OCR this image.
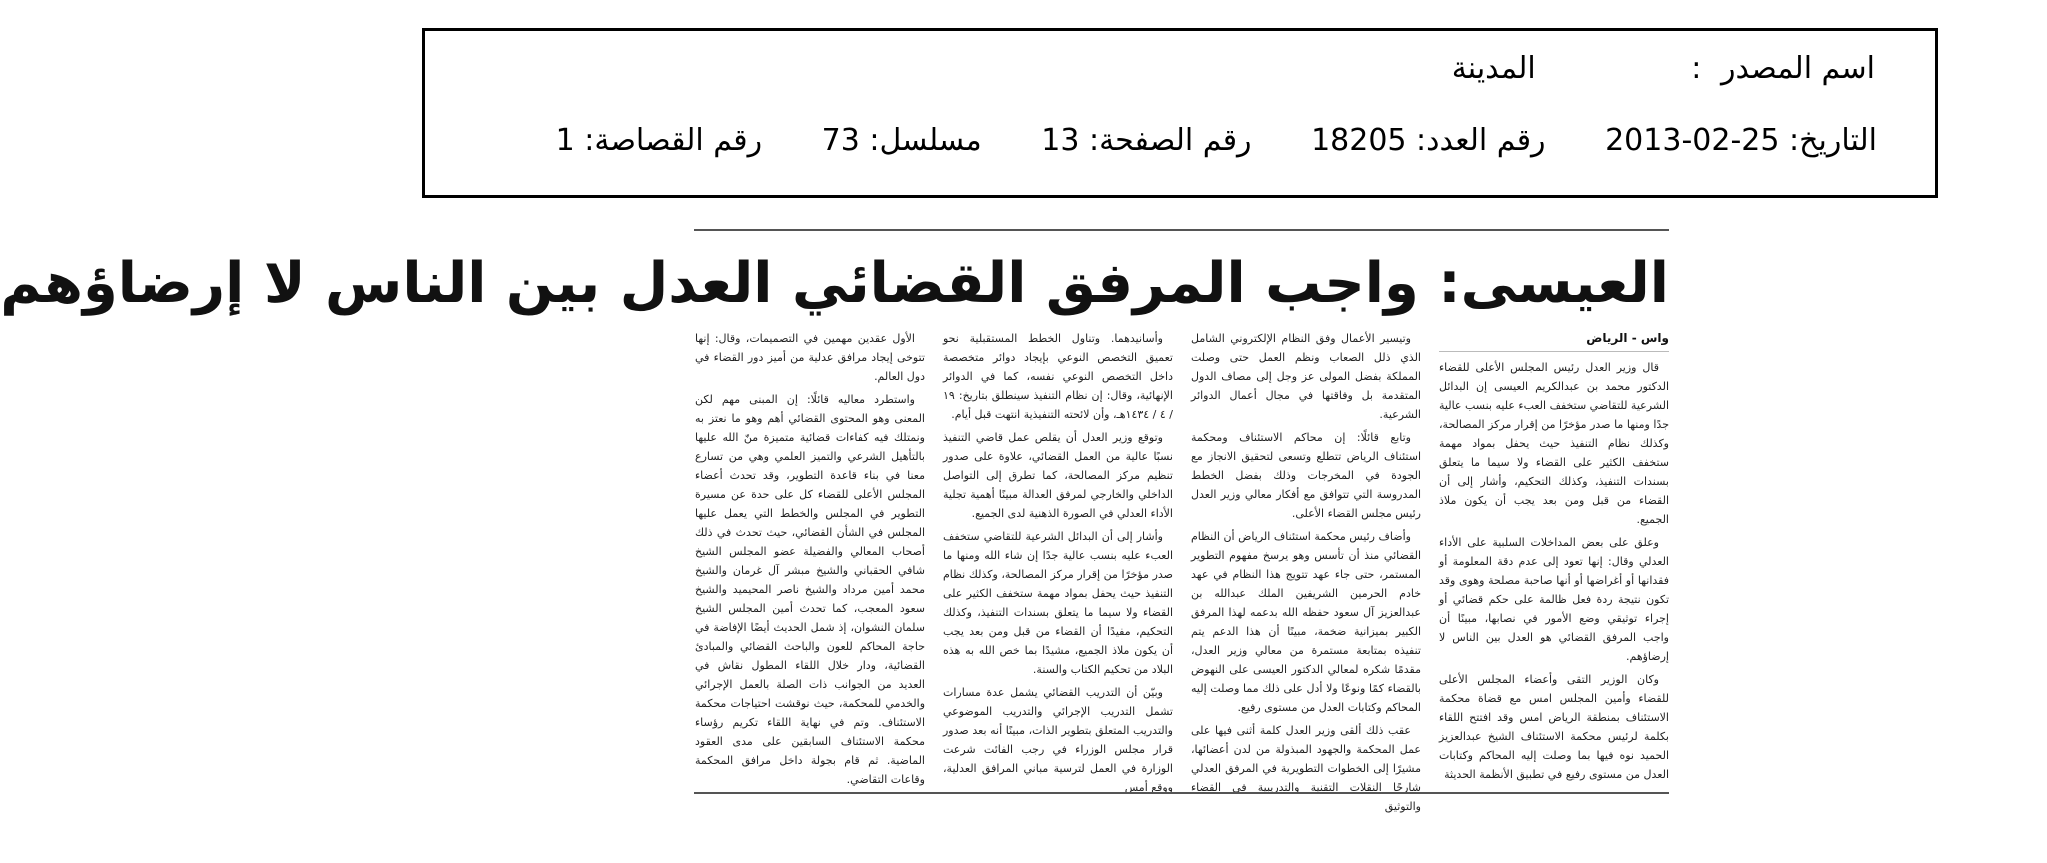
اسم المصدر : المدينة
التاريخ: 25-02-2013 رقم العدد: 18205 رقم الصفحة: 13 مسلسل: 73 رقم القصاصة: 1
العيسى: واجب المرفق القضائي العدل بين الناس لا إرضاؤهم
واس - الرياض

قال وزير العدل رئيس المجلس الأعلى للقضاء الدكتور محمد بن عبدالكريم العيسى إن البدائل الشرعية للتقاضي ستخفف العبء عليه بنسب عالية جدًا ومنها ما صدر مؤخرًا من إقرار مركز المصالحة، وكذلك نظام التنفيذ حيث يحفل بمواد مهمة ستخفف الكثير على القضاء ولا سيما ما يتعلق بسندات التنفيذ، وكذلك التحكيم، وأشار إلى أن القضاء من قبل ومن بعد يجب أن يكون ملاذ الجميع.

وعلق على بعض المداخلات السلبية على الأداء العدلي وقال: إنها تعود إلى عدم دقة المعلومة أو فقدانها أو أغراضها أو أنها صاحبة مصلحة وهوى وقد تكون نتيجة ردة فعل ظالمة على حكم قضائي أو إجراء توثيقي وضع الأمور في نصابها، مبينًا أن واجب المرفق القضائي هو العدل بين الناس لا إرضاؤهم.

وكان الوزير التقى وأعضاء المجلس الأعلى للقضاء وأمين المجلس امس مع قضاة محكمة الاستئناف بمنطقة الرياض امس وقد افتتح اللقاء بكلمة لرئيس محكمة الاستئناف الشيخ عبدالعزيز الحميد نوه فيها بما وصلت إليه المحاكم وكتابات العدل من مستوى رفيع في تطبيق الأنظمة الحديثة

وتيسير الأعمال وفق النظام الإلكتروني الشامل الذي ذلل الصعاب ونظم العمل حتى وصلت المملكة بفضل المولى عز وجل إلى مصاف الدول المتقدمة بل وفاقتها في مجال أعمال الدوائر الشرعية.

وتابع قائلًا: إن محاكم الاستئناف ومحكمة استئناف الرياض تتطلع وتسعى لتحقيق الانجاز مع الجودة في المخرجات وذلك بفضل الخطط المدروسة التي تتوافق مع أفكار معالي وزير العدل رئيس مجلس القضاء الأعلى.

وأضاف رئيس محكمة استئناف الرياض أن النظام القضائي منذ أن تأسس وهو يرسخ مفهوم التطوير المستمر، حتى جاء عهد تتويج هذا النظام في عهد خادم الحرمين الشريفين الملك عبدالله بن عبدالعزيز آل سعود حفظه الله بدعمه لهذا المرفق الكبير بميزانية ضخمة، مبينًا أن هذا الدعم يتم تنفيذه بمتابعة مستمرة من معالي وزير العدل، مقدمًا شكره لمعالي الدكتور العيسى على النهوض بالقضاء كمًا ونوعًا ولا أدل على ذلك مما وصلت إليه المحاكم وكتابات العدل من مستوى رفيع.

عقب ذلك ألقى وزير العدل كلمة أثنى فيها على عمل المحكمة والجهود المبذولة من لدن أعضائها، مشيرًا إلى الخطوات التطويرية في المرفق العدلي شارحًا النقلات التقنية والتدريبية في القضاء والتوثيق

وأسانيدهما. وتناول الخطط المستقبلية نحو تعميق التخصص النوعي بإيجاد دوائر متخصصة داخل التخصص النوعي نفسه، كما في الدوائر الإنهائية، وقال: إن نظام التنفيذ سينطلق بتاريخ: ١٩ / ٤ / ١٤٣٤هـ، وأن لائحته التنفيذية انتهت قبل أيام.

وتوقع وزير العدل أن يقلص عمل قاضي التنفيذ نسبًا عالية من العمل القضائي، علاوة على صدور تنظيم مركز المصالحة، كما تطرق إلى التواصل الداخلي والخارجي لمرفق العدالة مبينًا أهمية تجلية الأداء العدلي في الصورة الذهنية لدى الجميع.

وأشار إلى أن البدائل الشرعية للتقاضي ستخفف العبء عليه بنسب عالية جدًا إن شاء الله ومنها ما صدر مؤخرًا من إقرار مركز المصالحة، وكذلك نظام التنفيذ حيث يحفل بمواد مهمة ستخفف الكثير على القضاء ولا سيما ما يتعلق بسندات التنفيذ، وكذلك التحكيم، مفيدًا أن القضاء من قبل ومن بعد يجب أن يكون ملاذ الجميع، مشيدًا بما خص الله به هذه البلاد من تحكيم الكتاب والسنة.

وبيّن أن التدريب القضائي يشمل عدة مسارات تشمل التدريب الإجرائي والتدريب الموضوعي والتدريب المتعلق بتطوير الذات، مبينًا أنه بعد صدور قرار مجلس الوزراء في رجب الفائت شرعت الوزارة في العمل لترسية مباني المرافق العدلية، ووقع أمس

الأول عقدين مهمين في التصميمات، وقال: إنها تتوخى إيجاد مرافق عدلية من أميز دور القضاء في دول العالم.

واستطرد معاليه قائلًا: إن المبنى مهم لكن المعنى وهو المحتوى القضائي أهم وهو ما نعتز به ونمتلك فيه كفاءات قضائية متميزة منّ الله عليها بالتأهيل الشرعي والتميز العلمي وهي من تسارع معنا في بناء قاعدة التطوير، وقد تحدث أعضاء المجلس الأعلى للقضاء كل على حدة عن مسيرة التطوير في المجلس والخطط التي يعمل عليها المجلس في الشأن القضائي، حيث تحدث في ذلك أصحاب المعالي والفضيلة عضو المجلس الشيخ شافي الحقباني والشيخ مبشر آل غرمان والشيخ محمد أمين مرداد والشيخ ناصر المحيميد والشيخ سعود المعجب، كما تحدث أمين المجلس الشيخ سلمان النشوان، إذ شمل الحديث أيضًا الإفاضة في حاجة المحاكم للعون والباحث القضائي والمبادئ القضائية، ودار خلال اللقاء المطول نقاش في العديد من الجوانب ذات الصلة بالعمل الإجرائي والخدمي للمحكمة، حيث نوقشت احتياجات محكمة الاستئناف. وتم في نهاية اللقاء تكريم رؤساء محكمة الاستئناف السابقين على مدى العقود الماضية. ثم قام بجولة داخل مرافق المحكمة وقاعات التقاضي.
